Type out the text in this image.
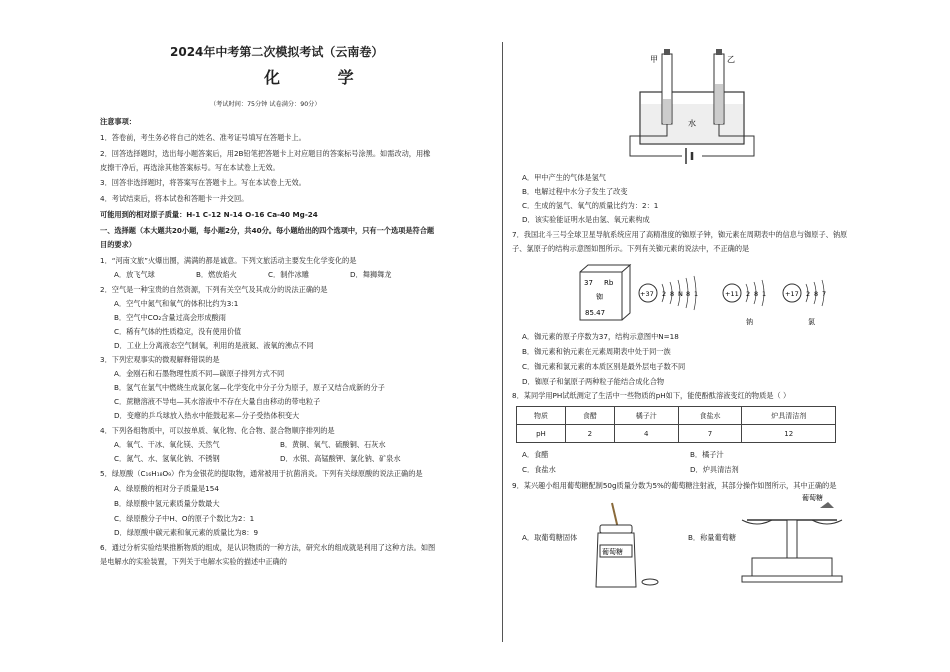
2024年中考第二次模拟考试（云南卷）
化 学
（考试时间：75分钟 试卷满分：90分）
注意事项：
1．答卷前，考生务必将自己的姓名、准考证号填写在答题卡上。
2．回答选择题时，选出每小题答案后，用2B铅笔把答题卡上对应题目的答案标号涂黑。如需改动，用橡
皮擦干净后，再选涂其他答案标号。写在本试卷上无效。
3．回答非选择题时，将答案写在答题卡上。写在本试卷上无效。
4．考试结束后，将本试卷和答题卡一并交回。
可能用到的相对原子质量：H-1 C-12 N-14 O-16 Ca-40 Mg-24
一、选择题（本大题共20小题，每小题2分，共40分。每小题给出的四个选项中，只有一个选项是符合题
目的要求）
1．“河南文旅”火爆出圈，满满的都是诚意。下列文旅活动主要发生化学变化的是
A．放飞气球	B．燃放焰火	C．制作冰雕	D．舞狮舞龙
2．空气是一种宝贵的自然资源，下列有关空气及其成分的说法正确的是
A．空气中氮气和氧气的体积比约为3:1
B．空气中CO₂含量过高会形成酸雨
C．稀有气体的性质稳定，没有使用价值
D．工业上分离液态空气制氧，利用的是液氮、液氧的沸点不同
3．下列宏观事实的微观解释错误的是
A．金刚石和石墨物理性质不同—碳原子排列方式不同
B．氢气在氯气中燃烧生成氯化氢—化学变化中分子分为原子，原子又结合成新的分子
C．蔗糖溶液不导电—其水溶液中不存在大量自由移动的带电粒子
D．变瘪的乒乓球放入热水中能鼓起来—分子受热体积变大
4．下列各组物质中，可以按单质、氧化物、化合物、混合物顺序排列的是
A．氧气、干冰、氧化镁、天然气	B．黄铜、氧气、硫酸铜、石灰水
C．氮气、水、氢氧化钠、不锈钢	D．水银、高锰酸钾、氯化钠、矿泉水
5．绿原酸（C₁₆H₁₈O₉）作为金银花的提取物，通常被用于抗菌消炎。下列有关绿原酸的说法正确的是
A．绿原酸的相对分子质量是154
B．绿原酸中氢元素质量分数最大
C．绿原酸分子中H、O的原子个数比为2：1
D．绿原酸中碳元素和氧元素的质量比为8：9
6．通过分析实验结果推断物质的组成，是认识物质的一种方法，研究水的组成就是利用了这种方法。如图
是电解水的实验装置，下列关于电解水实验的描述中正确的
甲	乙
水
A．甲中产生的气体是氢气
B．电解过程中水分子发生了改变
C．生成的氢气、氧气的质量比约为：2：1
D．该实验能证明水是由氢、氧元素构成
7．我国北斗三号全球卫星导航系统应用了高精准度的铷原子钟，铷元素在周期表中的信息与铷原子、钠原
子、氯原子的结构示意图如图所示。下列有关铷元素的说法中，不正确的是
37 Rb
铷
85.47
+37 2 8 N 8 1	+11 2 8 1
钠
+17 2 8 7
氯
A．铷元素的原子序数为37，结构示意图中N=18
B．铷元素和钠元素在元素周期表中处于同一族
C．铷元素和氯元素的本质区别是最外层电子数不同
D．铷原子和氯原子两种粒子能结合成化合物
8．某同学用PH试纸测定了生活中一些物质的pH如下，能使酚酞溶液变红的物质是（ ）
物质	食醋	橘子汁	食盐水	炉具清洁剂
pH	2	4	7	12
A．食醋	B．橘子汁
C．食盐水	D．炉具清洁剂
9．某兴趣小组用葡萄糖配制50g质量分数为5%的葡萄糖注射液，其部分操作如图所示，其中正确的是
A．取葡萄糖固体
葡萄糖
B．称量葡萄糖
葡萄糖
